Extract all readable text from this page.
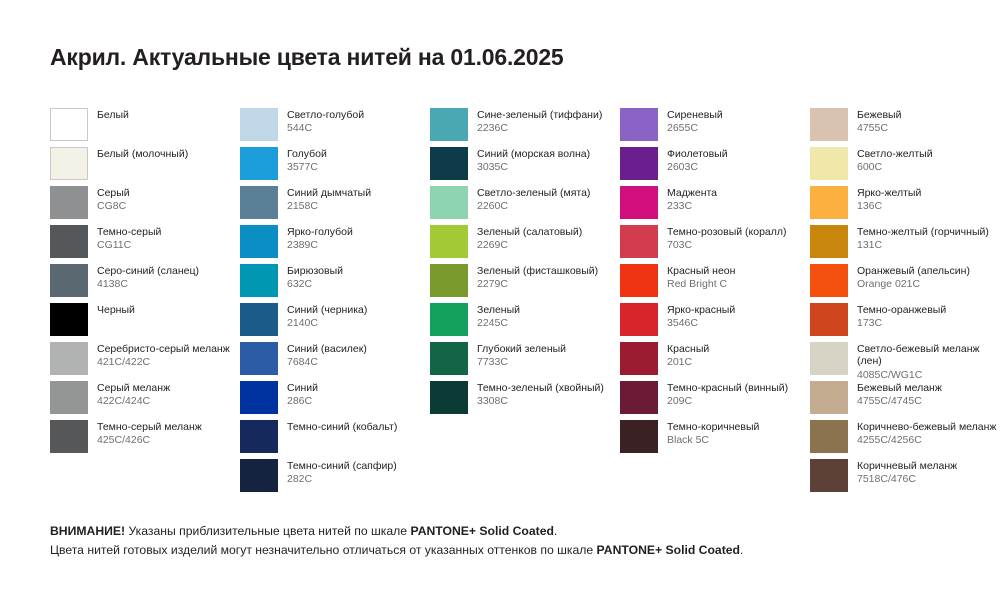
Акрил. Актуальные цвета нитей на 01.06.2025
Белый
Белый (молочный)
Серый
CG8C
Темно-серый
CG11C
Серо-синий (сланец)
4138C
Черный
Серебристо-серый меланж
421C/422C
Серый меланж
422C/424C
Темно-серый меланж
425C/426C
Светло-голубой
544C
Голубой
3577C
Синий дымчатый
2158C
Ярко-голубой
2389C
Бирюзовый
632C
Синий (черника)
2140C
Синий (василек)
7684C
Синий
286C
Темно-синий (кобальт)
Темно-синий (сапфир)
282C
Сине-зеленый (тиффани)
2236C
Синий (морская волна)
3035C
Светло-зеленый (мята)
2260C
Зеленый (салатовый)
2269C
Зеленый (фисташковый)
2279C
Зеленый
2245C
Глубокий зеленый
7733C
Темно-зеленый (хвойный)
3308C
Сиреневый
2655C
Фиолетовый
2603C
Маджента
233C
Темно-розовый (коралл)
703C
Красный неон
Red Bright C
Ярко-красный
3546C
Красный
201C
Темно-красный (винный)
209C
Темно-коричневый
Black 5C
Бежевый
4755C
Светло-желтый
600C
Ярко-желтый
136C
Темно-желтый (горчичный)
131C
Оранжевый (апельсин)
Orange 021C
Темно-оранжевый
173C
Светло-бежевый меланж (лен)
4085C/WG1C
Бежевый меланж
4755C/4745C
Коричнево-бежевый меланж
4255C/4256C
Коричневый меланж
7518C/476C
ВНИМАНИЕ! Указаны приблизительные цвета нитей по шкале PANTONE+ Solid Coated.
Цвета нитей готовых изделий могут незначительно отличаться от указанных оттенков по шкале PANTONE+ Solid Coated.
